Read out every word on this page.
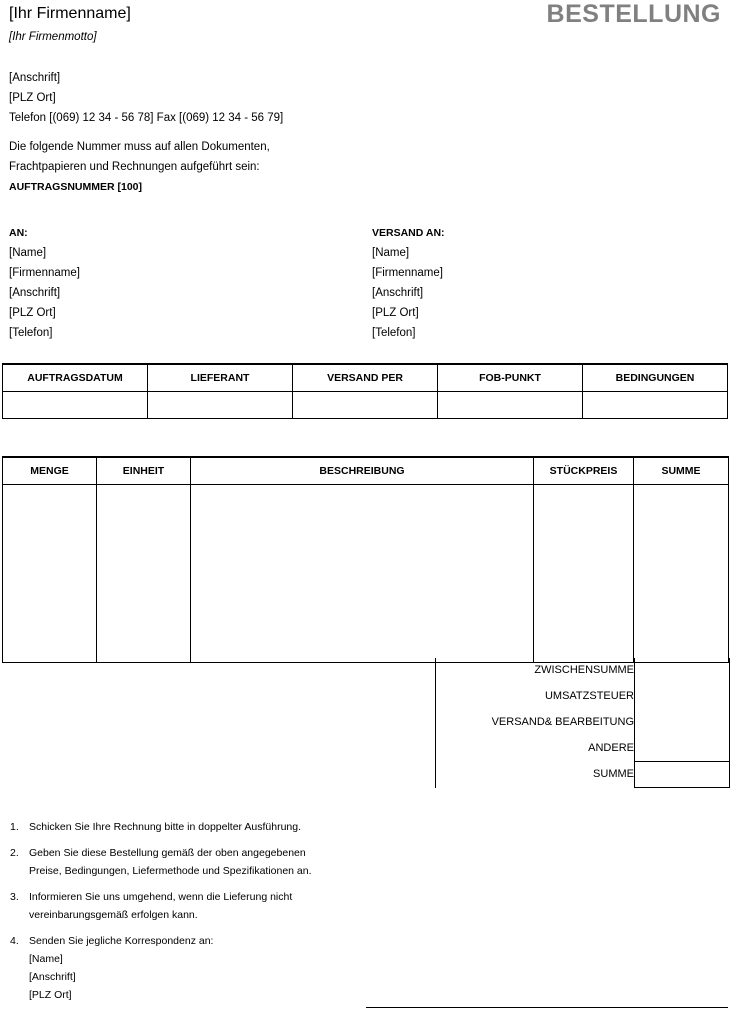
[Ihr Firmenname]
[Ihr Firmenmotto]
BESTELLUNG
[Anschrift]
[PLZ Ort]
Telefon [(069) 12 34 - 56 78] Fax [(069) 12 34 - 56 79]
Die folgende Nummer muss auf allen Dokumenten,
Frachtpapieren und Rechnungen aufgeführt sein:
AUFTRAGSNUMMER [100]
AN:
[Name]
[Firmenname]
[Anschrift]
[PLZ Ort]
[Telefon]
VERSAND AN:
[Name]
[Firmenname]
[Anschrift]
[PLZ Ort]
[Telefon]
AUFTRAGSDATUM	LIEFERANT	VERSAND PER	FOB-PUNKT	BEDINGUNGEN

MENGE	EINHEIT	BESCHREIBUNG	STÜCKPREIS	SUMME

ZWISCHENSUMME
UMSATZSTEUER
VERSAND& BEARBEITUNG
ANDERE
SUMME
1. Schicken Sie Ihre Rechnung bitte in doppelter Ausführung.
2. Geben Sie diese Bestellung gemäß der oben angegebenen
Preise, Bedingungen, Liefermethode und Spezifikationen an.
3. Informieren Sie uns umgehend, wenn die Lieferung nicht
vereinbarungsgemäß erfolgen kann.
4. Senden Sie jegliche Korrespondenz an:
[Name]
[Anschrift]
[PLZ Ort]
